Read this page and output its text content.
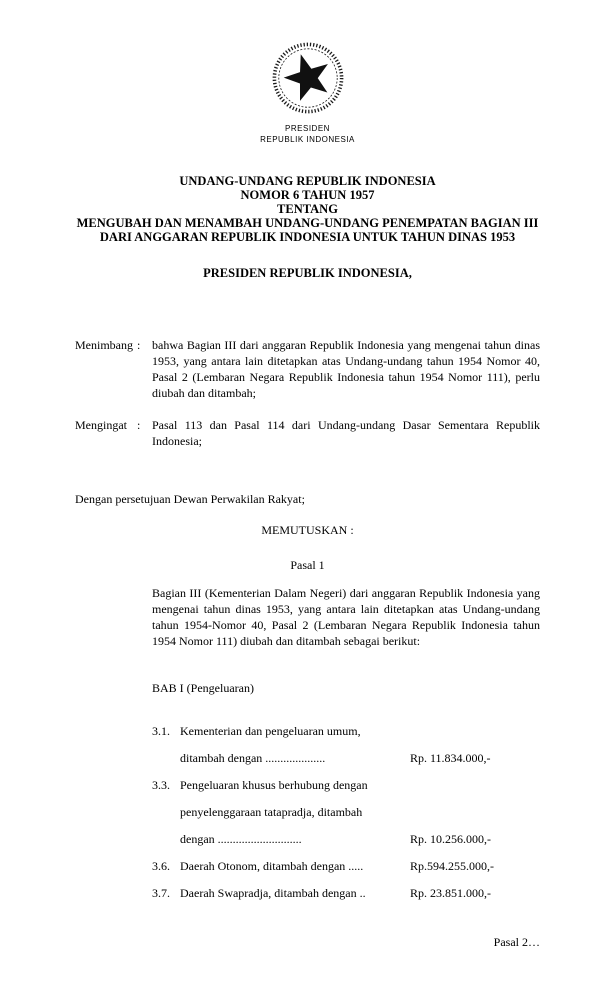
PRESIDEN
REPUBLIK INDONESIA
UNDANG-UNDANG REPUBLIK INDONESIA
NOMOR 6 TAHUN 1957
TENTANG
MENGUBAH DAN MENAMBAH UNDANG-UNDANG PENEMPATAN BAGIAN III DARI ANGGARAN REPUBLIK INDONESIA UNTUK TAHUN DINAS 1953
PRESIDEN REPUBLIK INDONESIA,
Menimbang : bahwa Bagian III dari anggaran Republik Indonesia yang mengenai tahun dinas 1953, yang antara lain ditetapkan atas Undang-undang tahun 1954 Nomor 40, Pasal 2 (Lembaran Negara Republik Indonesia tahun 1954 Nomor 111), perlu diubah dan ditambah;
Mengingat : Pasal 113 dan Pasal 114 dari Undang-undang Dasar Sementara Republik Indonesia;
Dengan persetujuan Dewan Perwakilan Rakyat;
MEMUTUSKAN :
Pasal 1

Bagian III (Kementerian Dalam Negeri) dari anggaran Republik Indonesia yang mengenai tahun dinas 1953, yang antara lain ditetapkan atas Undang-undang tahun 1954-Nomor 40, Pasal 2 (Lembaran Negara Republik Indonesia tahun 1954 Nomor 111) diubah dan ditambah sebagai berikut:

BAB I (Pengeluaran)
3.1. Kementerian dan pengeluaran umum,
ditambah dengan ....................	Rp. 11.834.000,-
3.3. Pengeluaran khusus berhubung dengan
penyelenggaraan tatapradja, ditambah
dengan ............................	Rp. 10.256.000,-
3.6. Daerah Otonom, ditambah dengan .....	Rp.594.255.000,-
3.7. Daerah Swapradja, ditambah dengan ..	Rp. 23.851.000,-
Pasal 2…
